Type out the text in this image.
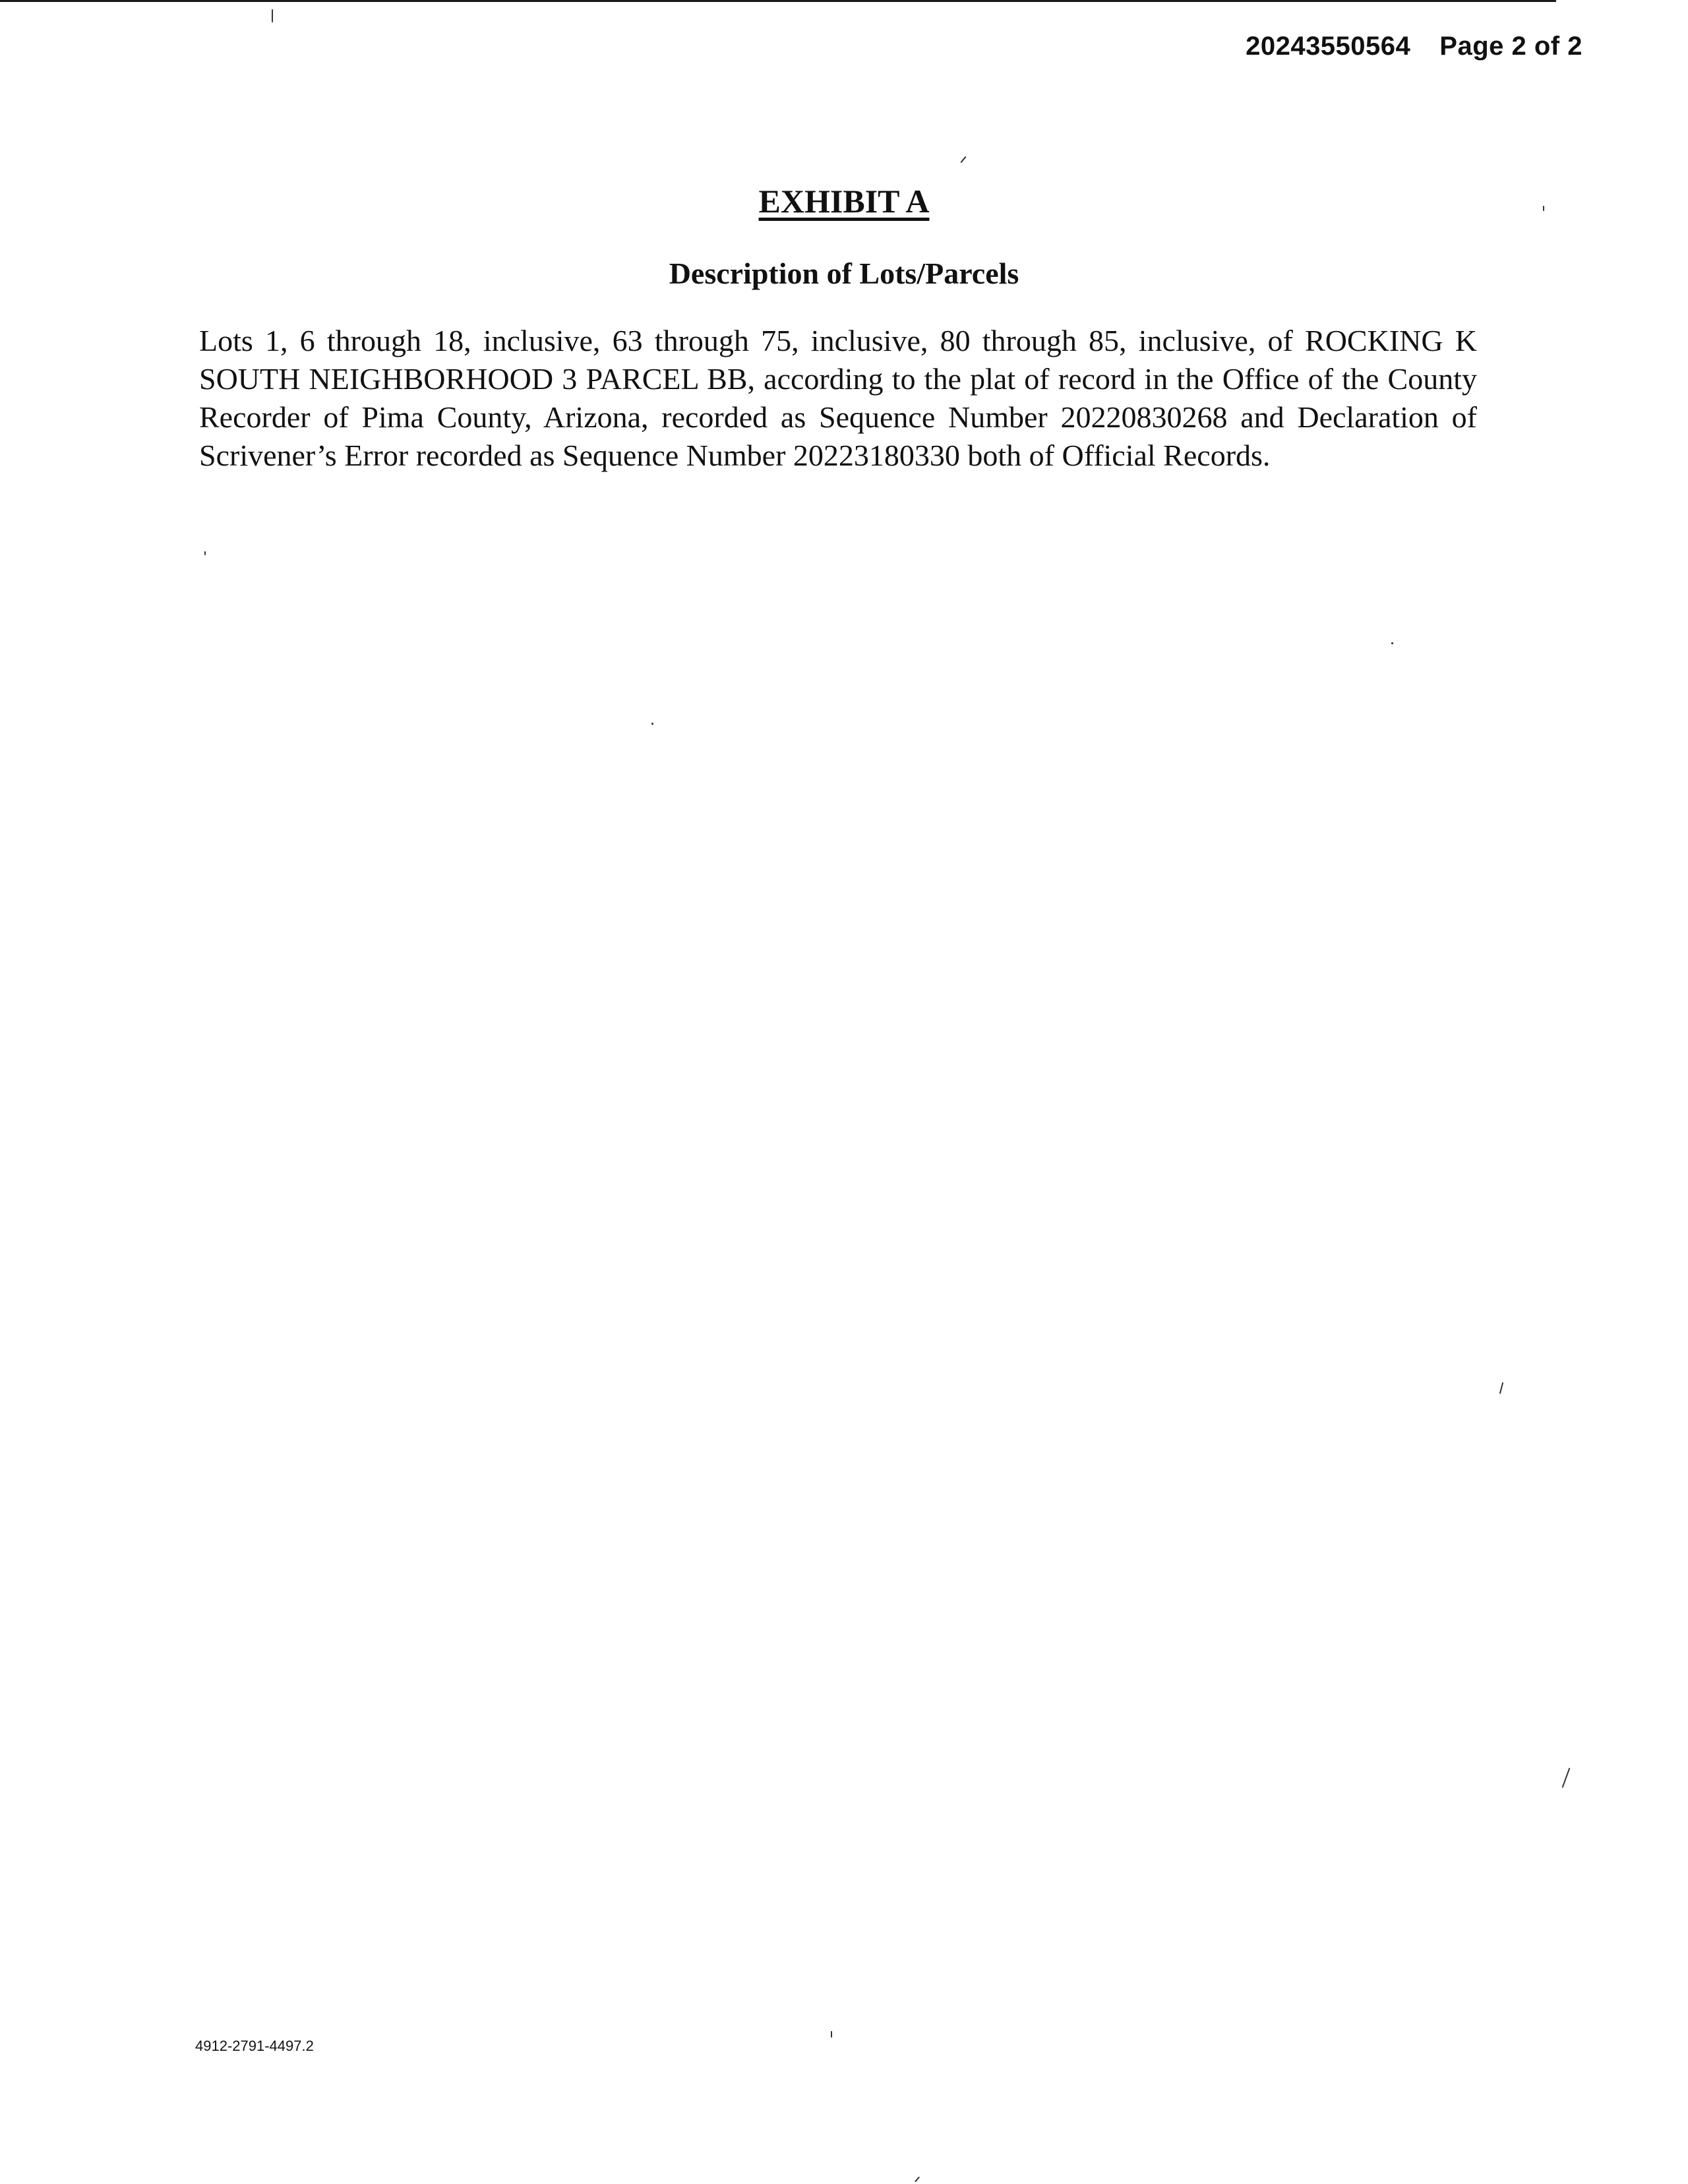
20243550564 Page 2 of 2
EXHIBIT A
Description of Lots/Parcels

Lots 1, 6 through 18, inclusive, 63 through 75, inclusive, 80 through 85, inclusive, of ROCKING K SOUTH NEIGHBORHOOD 3 PARCEL BB, according to the plat of record in the Office of the County Recorder of Pima County, Arizona, recorded as Sequence Number 20220830268 and Declaration of Scrivener’s Error recorded as Sequence Number 20223180330 both of Official Records.

4912-2791-4497.2
